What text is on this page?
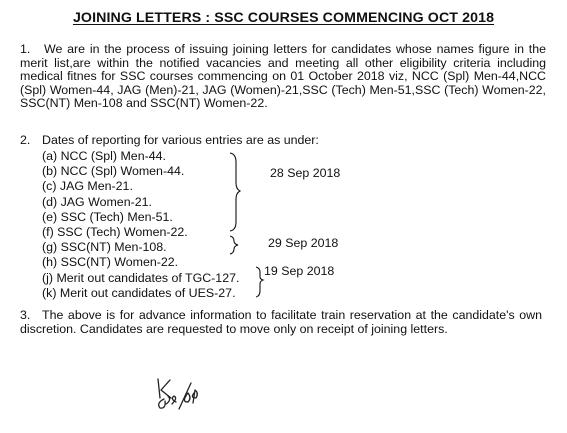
JOINING LETTERS : SSC COURSES COMMENCING OCT 2018
1. We are in the process of issuing joining letters for candidates whose names figure in the merit list,are within the notified vacancies and meeting all other eligibility criteria including medical fitnes for SSC courses commencing on 01 October 2018 viz, NCC (Spl) Men-44,NCC (Spl) Women-44, JAG (Men)-21, JAG (Women)-21,SSC (Tech) Men-51,SSC (Tech) Women-22, SSC(NT) Men-108 and SSC(NT) Women-22.
2. Dates of reporting for various entries are as under:
(a) NCC (Spl) Men-44.
(b) NCC (Spl) Women-44.
(c) JAG Men-21.
(d) JAG Women-21.
(e) SSC (Tech) Men-51.
(f) SSC (Tech) Women-22.
(g) SSC(NT) Men-108.
(h) SSC(NT) Women-22.
(j) Merit out candidates of TGC-127.
(k) Merit out candidates of UES-27.
28 Sep 2018
29 Sep 2018
19 Sep 2018
3. The above is for advance information to facilitate train reservation at the candidate's own discretion. Candidates are requested to move only on receipt of joining letters.
